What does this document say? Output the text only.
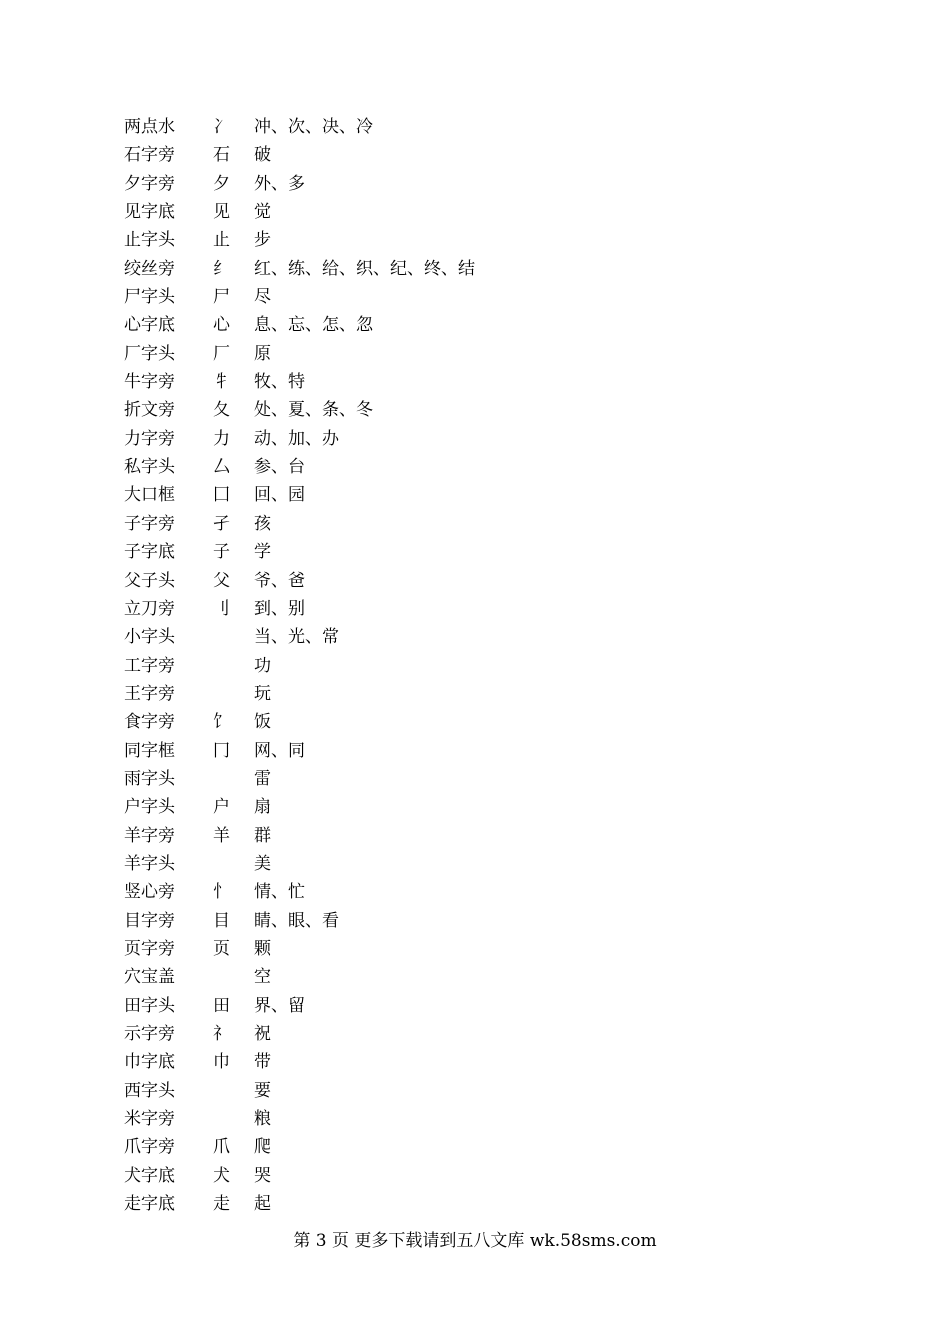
两点水 冫 冲、次、决、冷
石字旁 石 破
夕字旁 夕 外、多
见字底 见 觉
止字头 止 步
绞丝旁 纟 红、练、给、织、纪、终、结
尸字头 尸 尽
心字底 心 息、忘、怎、忽
厂字头 厂 原
牛字旁 牜 牧、特
折文旁 夂 处、夏、条、冬
力字旁 力 动、加、办
私字头 厶 参、台
大口框 囗 回、园
子字旁 孑 孩
子字底 子 学
父子头 父 爷、爸
立刀旁 刂 到、别
小字头	当、光、常
工字旁	功
王字旁	玩
食字旁 饣 饭
同字框 冂 网、同
雨字头	雷
户字头 户 扇
羊字旁 羊 群
羊字头	美
竖心旁 忄 情、忙
目字旁 目 睛、眼、看
页字旁 页 颗
穴宝盖	空
田字头 田 界、留
示字旁 礻 祝
巾字底 巾 带
西字头	要
米字旁	粮
爪字旁 爪 爬
犬字底 犬 哭
走字底 走 起
第 3 页 更多下载请到五八文库 wk.58sms.com
